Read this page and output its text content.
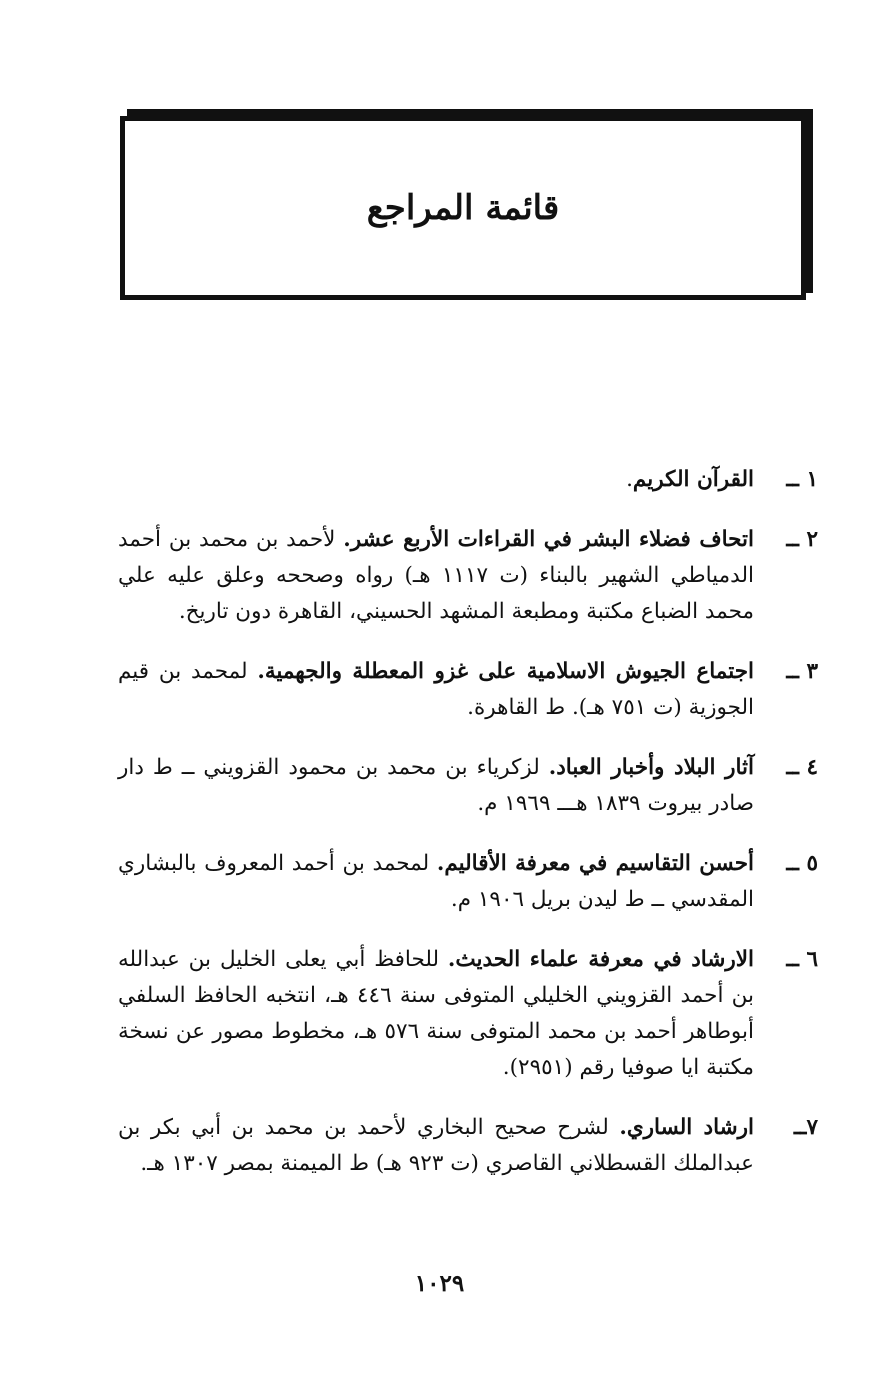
قائمة المراجع
١ ــ
القرآن الكريم.
٢ ــ
اتحاف فضلاء البشر في القراءات الأربع عشر. لأحمد بن محمد بن أحمد الدمياطي الشهير بالبناء (ت ١١١٧ هـ) رواه وصححه وعلق عليه علي محمد الضباع مكتبة ومطبعة المشهد الحسيني، القاهرة دون تاريخ.
٣ ــ
اجتماع الجيوش الاسلامية على غزو المعطلة والجهمية. لمحمد بن قيم الجوزية (ت ٧٥١ هـ). ط القاهرة.
٤ ــ
آثار البلاد وأخبار العباد. لزكرياء بن محمد بن محمود القزويني ــ ط دار صادر بيروت ١٨٣٩ هـــ ١٩٦٩ م.
٥ ــ
أحسن التقاسيم في معرفة الأقاليم. لمحمد بن أحمد المعروف بالبشاري المقدسي ــ ط ليدن بريل ١٩٠٦ م.
٦ ــ
الارشاد في معرفة علماء الحديث. للحافظ أبي يعلى الخليل بن عبدالله بن أحمد القزويني الخليلي المتوفى سنة ٤٤٦ هـ، انتخبه الحافظ السلفي أبوطاهر أحمد بن محمد المتوفى سنة ٥٧٦ هـ، مخطوط مصور عن نسخة مكتبة ايا صوفيا رقم (٢٩٥١).
٧ــ
ارشاد الساري. لشرح صحيح البخاري لأحمد بن محمد بن أبي بكر بن عبدالملك القسطلاني القاصري (ت ٩٢٣ هـ) ط الميمنة بمصر ١٣٠٧ هـ.
١٠٢٩
